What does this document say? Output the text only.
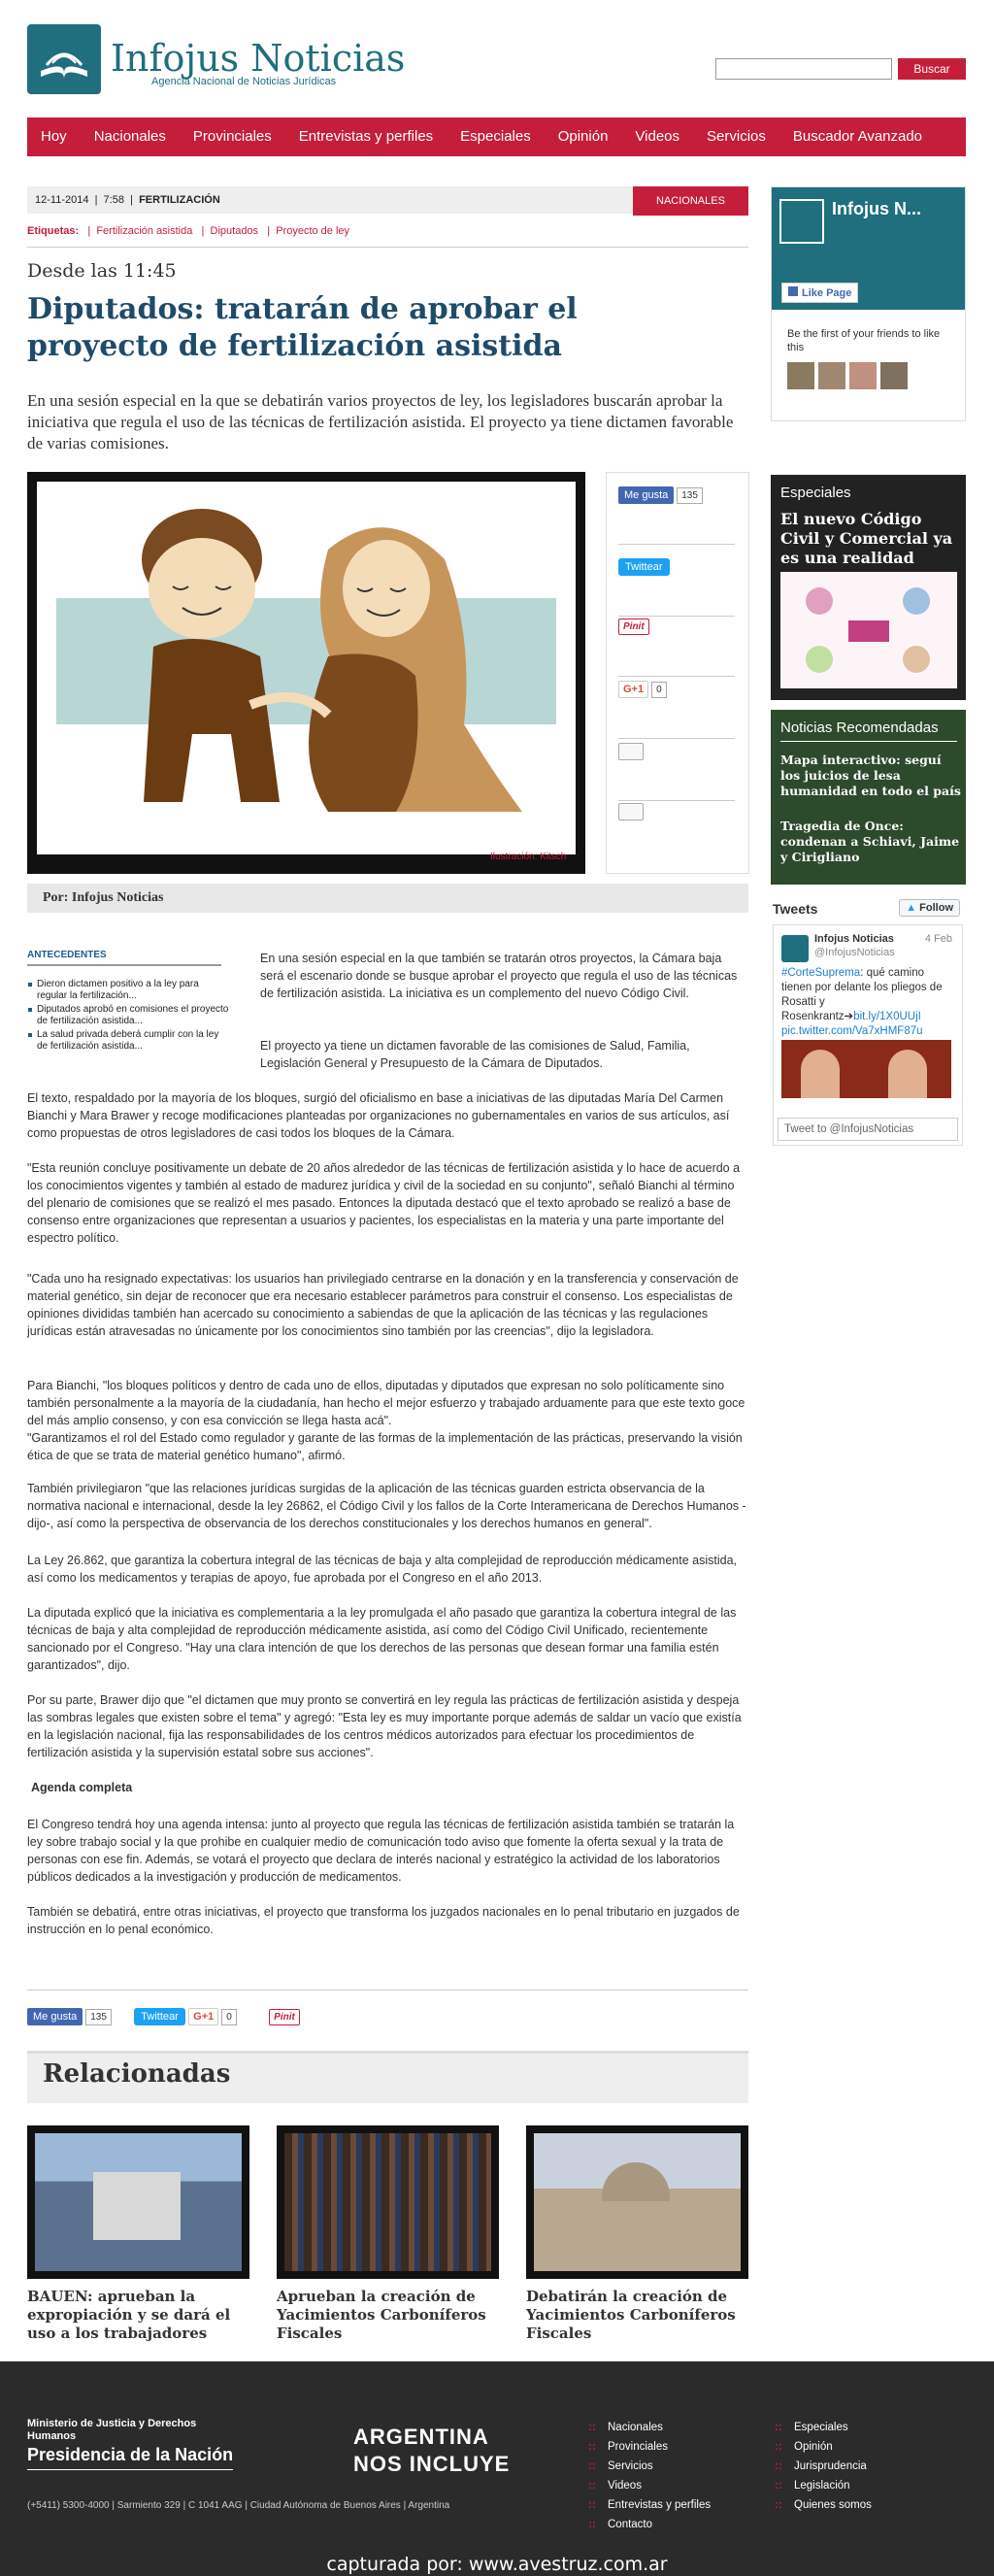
Infojus Noticias
Agencia Nacional de Noticias Jurídicas
Buscar
Hoy	Nacionales	Provinciales	Entrevistas y perfiles	Especiales	Opinión	Videos	Servicios	Buscador Avanzado
12-11-2014  |  7:58  |  FERTILIZACIÓN	NACIONALES
Etiquetas:   |  Fertilización asistida   |  Diputados   |  Proyecto de ley
Desde las 11:45
Diputados: tratarán de aprobar el proyecto de fertilización asistida

En una sesión especial en la que se debatirán varios proyectos de ley, los legisladores buscarán aprobar la iniciativa que regula el uso de las técnicas de fertilización asistida. El proyecto ya tiene dictamen favorable de varias comisiones.

Ilustración: Kitsch
Me gusta 135
Twittear
Pinit
G+1 0
Por: Infojus Noticias
ANTECEDENTES
Dieron dictamen positivo a la ley para regular la fertilización...
Diputados aprobó en comisiones el proyecto de fertilización asistida...
La salud privada deberá cumplir con la ley de fertilización asistida...

En una sesión especial en la que también se tratarán otros proyectos, la Cámara baja será el escenario donde se busque aprobar el proyecto que regula el uso de las técnicas de fertilización asistida. La iniciativa es un complemento del nuevo Código Civil.

El proyecto ya tiene un dictamen favorable de las comisiones de Salud, Familia, Legislación General y Presupuesto de la Cámara de Diputados.

El texto, respaldado por la mayoría de los bloques, surgió del oficialismo en base a iniciativas de las diputadas María Del Carmen Bianchi y Mara Brawer y recoge modificaciones planteadas por organizaciones no gubernamentales en varios de sus artículos, así como propuestas de otros legisladores de casi todos los bloques de la Cámara.

"Esta reunión concluye positivamente un debate de 20 años alrededor de las técnicas de fertilización asistida y lo hace de acuerdo a los conocimientos vigentes y también al estado de madurez jurídica y civil de la sociedad en su conjunto", señaló Bianchi al término del plenario de comisiones que se realizó el mes pasado. Entonces la diputada destacó que el texto aprobado se realizó a base de consenso entre organizaciones que representan a usuarios y pacientes, los especialistas en la materia y una parte importante del espectro político.

"Cada uno ha resignado expectativas: los usuarios han privilegiado centrarse en la donación y en la transferencia y conservación de material genético, sin dejar de reconocer que era necesario establecer parámetros para construir el consenso. Los especialistas de opiniones divididas también han acercado su conocimiento a sabiendas de que la aplicación de las técnicas y las regulaciones jurídicas están atravesadas no únicamente por los conocimientos sino también por las creencias", dijo la legisladora.

Para Bianchi, "los bloques políticos y dentro de cada uno de ellos, diputadas y diputados que expresan no solo políticamente sino también personalmente a la mayoría de la ciudadanía, han hecho el mejor esfuerzo y trabajado arduamente para que este texto goce del más amplio consenso, y con esa convicción se llega hasta acá".

"Garantizamos el rol del Estado como regulador y garante de las formas de la implementación de las prácticas, preservando la visión ética de que se trata de material genético humano", afirmó.

También privilegiaron "que las relaciones jurídicas surgidas de la aplicación de las técnicas guarden estricta observancia de la normativa nacional e internacional, desde la ley 26862, el Código Civil y los fallos de la Corte Interamericana de Derechos Humanos -dijo-, así como la perspectiva de observancia de los derechos constitucionales y los derechos humanos en general".

La Ley 26.862, que garantiza la cobertura integral de las técnicas de baja y alta complejidad de reproducción médicamente asistida, así como los medicamentos y terapias de apoyo, fue aprobada por el Congreso en el año 2013.

La diputada explicó que la iniciativa es complementaria a la ley promulgada el año pasado que garantiza la cobertura integral de las técnicas de baja y alta complejidad de reproducción médicamente asistida, así como del Código Civil Unificado, recientemente sancionado por el Congreso. "Hay una clara intención de que los derechos de las personas que desean formar una familia estén garantizados", dijo.

Por su parte, Brawer dijo que "el dictamen que muy pronto se convertirá en ley regula las prácticas de fertilización asistida y despeja las sombras legales que existen sobre el tema" y agregó: "Esta ley es muy importante porque además de saldar un vacío que existía en la legislación nacional, fija las responsabilidades de los centros médicos autorizados para efectuar los procedimientos de fertilización asistida y la supervisión estatal sobre sus acciones".

Agenda completa

El Congreso tendrá hoy una agenda intensa: junto al proyecto que regula las técnicas de fertilización asistida también se tratarán la ley sobre trabajo social y la que prohibe en cualquier medio de comunicación todo aviso que fomente la oferta sexual y la trata de personas con ese fin. Además, se votará el proyecto que declara de interés nacional y estratégico la actividad de los laboratorios públicos dedicados a la investigación y producción de medicamentos.

También se debatirá, entre otras iniciativas, el proyecto que transforma los juzgados nacionales en lo penal tributario en juzgados de instrucción en lo penal económico.

Me gusta 135	Twittear G+1 0	Pinit
Relacionadas
BAUEN: aprueban la expropiación y se dará el uso a los trabajadores
Aprueban la creación de Yacimientos Carboníferos Fiscales
Debatirán la creación de Yacimientos Carboníferos Fiscales
Infojus N...
Like Page
Be the first of your friends to like this
Especiales
El nuevo Código Civil y Comercial ya es una realidad
Noticias Recomendadas
Mapa interactivo: seguí los juicios de lesa humanidad en todo el país
Tragedia de Once: condenan a Schiavi, Jaime y Cirigliano
Tweets	▲ Follow
Infojus Noticias
@InfojusNoticias
4 Feb
#CorteSuprema: qué camino tienen por delante los pliegos de Rosatti y Rosenkrantz➔bit.ly/1X0UUjI pic.twitter.com/Va7xHMF87u
Tweet to @InfojusNoticias
Ministerio de Justicia y Derechos Humanos
Presidencia de la Nación
(+5411) 5300-4000 | Sarmiento 329 | C 1041 AAG | Ciudad Autónoma de Buenos Aires | Argentina
ARGENTINA
NOS INCLUYE
:: Nacionales
:: Provinciales
:: Servicios
:: Videos
:: Entrevistas y perfiles
:: Contacto
:: Especiales
:: Opinión
:: Jurisprudencia
:: Legislación
:: Quienes somos
capturada por: www.avestruz.com.ar
